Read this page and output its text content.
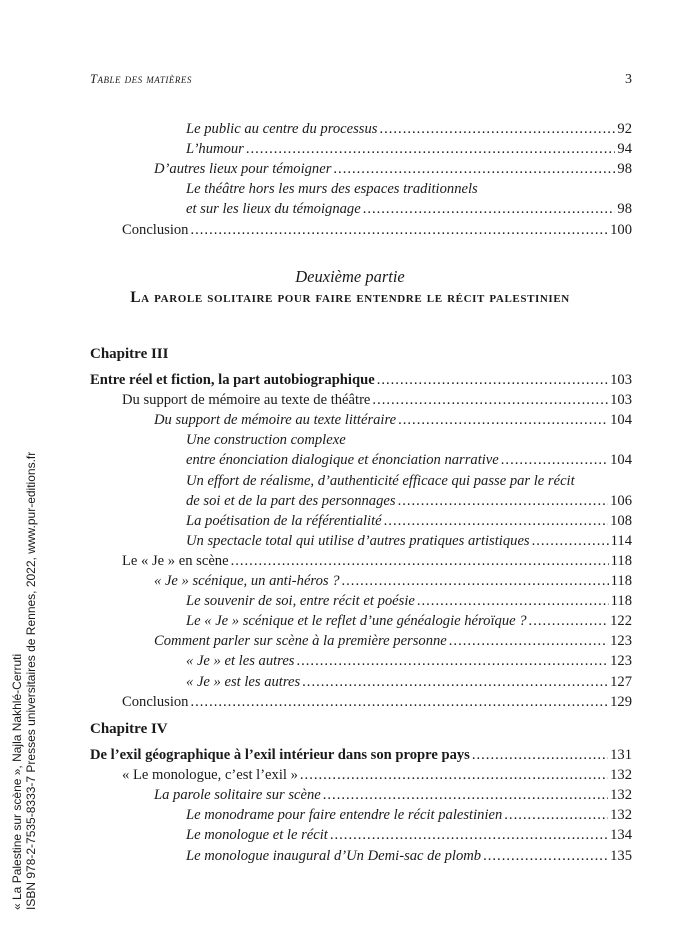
Table des matières	3
Le public au centre du processus .....	92
L’humour .....	94
D’autres lieux pour témoigner .....	98
Le théâtre hors les murs des espaces traditionnels
et sur les lieux du témoignage .....	98
Conclusion .....	100
Deuxième partie
La parole solitaire pour faire entendre le récit palestinien
Chapitre III
Entre réel et fiction, la part autobiographique .....	103
Du support de mémoire au texte de théâtre .....	103
Du support de mémoire au texte littéraire .....	104
Une construction complexe
entre énonciation dialogique et énonciation narrative .....	104
Un effort de réalisme, d’authenticité efficace qui passe par le récit
de soi et de la part des personnages .....	106
La poétisation de la référentialité .....	108
Un spectacle total qui utilise d’autres pratiques artistiques .....	114
Le « Je » en scène .....	118
« Je » scénique, un anti-héros ? .....	118
Le souvenir de soi, entre récit et poésie .....	118
Le « Je » scénique et le reflet d’une généalogie héroïque ? .....	122
Comment parler sur scène à la première personne .....	123
« Je » et les autres .....	123
« Je » est les autres .....	127
Conclusion .....	129
Chapitre IV
De l’exil géographique à l’exil intérieur dans son propre pays .....	131
« Le monologue, c’est l’exil » .....	132
La parole solitaire sur scène .....	132
Le monodrame pour faire entendre le récit palestinien .....	132
Le monologue et le récit .....	134
Le monologue inaugural d’Un Demi-sac de plomb .....	135
« La Palestine sur scène », Najla Nakhlé-Cerruti ISBN 978-2-7535-8333-7 Presses universitaires de Rennes, 2022, www.pur-editions.fr
